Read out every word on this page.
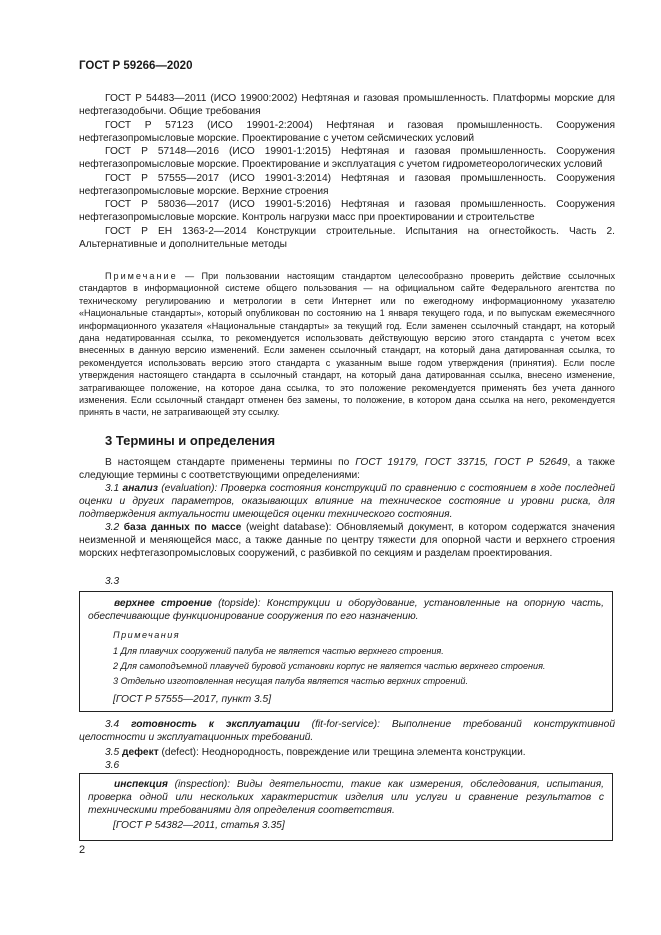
ГОСТ Р 59266—2020

ГОСТ Р 54483—2011 (ИСО 19900:2002) Нефтяная и газовая промышленность. Платформы морские для нефтегазодобычи. Общие требования

ГОСТ Р 57123 (ИСО 19901-2:2004) Нефтяная и газовая промышленность. Сооружения нефтегазопромысловые морские. Проектирование с учетом сейсмических условий

ГОСТ Р 57148—2016 (ИСО 19901-1:2015) Нефтяная и газовая промышленность. Сооружения нефтегазопромысловые морские. Проектирование и эксплуатация с учетом гидрометеорологических условий

ГОСТ Р 57555—2017 (ИСО 19901-3:2014) Нефтяная и газовая промышленность. Сооружения нефтегазопромысловые морские. Верхние строения

ГОСТ Р 58036—2017 (ИСО 19901-5:2016) Нефтяная и газовая промышленность. Сооружения нефтегазопромысловые морские. Контроль нагрузки масс при проектировании и строительстве

ГОСТ Р ЕН 1363-2—2014 Конструкции строительные. Испытания на огнестойкость. Часть 2. Альтернативные и дополнительные методы

Примечание — При пользовании настоящим стандартом целесообразно проверить действие ссылочных стандартов в информационной системе общего пользования — на официальном сайте Федерального агентства по техническому регулированию и метрологии в сети Интернет или по ежегодному информационному указателю «Национальные стандарты», который опубликован по состоянию на 1 января текущего года, и по выпускам ежемесячного информационного указателя «Национальные стандарты» за текущий год. Если заменен ссылочный стандарт, на который дана недатированная ссылка, то рекомендуется использовать действующую версию этого стандарта с учетом всех внесенных в данную версию изменений. Если заменен ссылочный стандарт, на который дана датированная ссылка, то рекомендуется использовать версию этого стандарта с указанным выше годом утверждения (принятия). Если после утверждения настоящего стандарта в ссылочный стандарт, на который дана датированная ссылка, внесено изменение, затрагивающее положение, на которое дана ссылка, то это положение рекомендуется применять без учета данного изменения. Если ссылочный стандарт отменен без замены, то положение, в котором дана ссылка на него, рекомендуется принять в части, не затрагивающей эту ссылку.
3 Термины и определения

В настоящем стандарте применены термины по ГОСТ 19179, ГОСТ 33715, ГОСТ Р 52649, а также следующие термины с соответствующими определениями:

3.1 анализ (evaluation): Проверка состояния конструкций по сравнению с состоянием в ходе последней оценки и других параметров, оказывающих влияние на техническое состояние и уровни риска, для подтверждения актуальности имеющейся оценки технического состояния.

3.2 база данных по массе (weight database): Обновляемый документ, в котором содержатся значения неизменной и меняющейся масс, а также данные по центру тяжести для опорной части и верхнего строения морских нефтегазопромысловых сооружений, с разбивкой по секциям и разделам проектирования.

3.3

верхнее строение (topside): Конструкции и оборудование, установленные на опорную часть, обеспечивающие функционирование сооружения по его назначению.

Примечания

1 Для плавучих сооружений палуба не является частью верхнего строения.

2 Для самоподъемной плавучей буровой установки корпус не является частью верхнего строения.

3 Отдельно изготовленная несущая палуба является частью верхних строений.

[ГОСТ Р 57555—2017, пункт 3.5]

3.4 готовность к эксплуатации (fit-for-service): Выполнение требований конструктивной целостности и эксплуатационных требований.

3.5 дефект (defect): Неоднородность, повреждение или трещина элемента конструкции.

3.6

инспекция (inspection): Виды деятельности, такие как измерения, обследования, испытания, проверка одной или нескольких характеристик изделия или услуги и сравнение результатов с техническими требованиями для определения соответствия.

[ГОСТ Р 54382—2011, статья 3.35]

2
